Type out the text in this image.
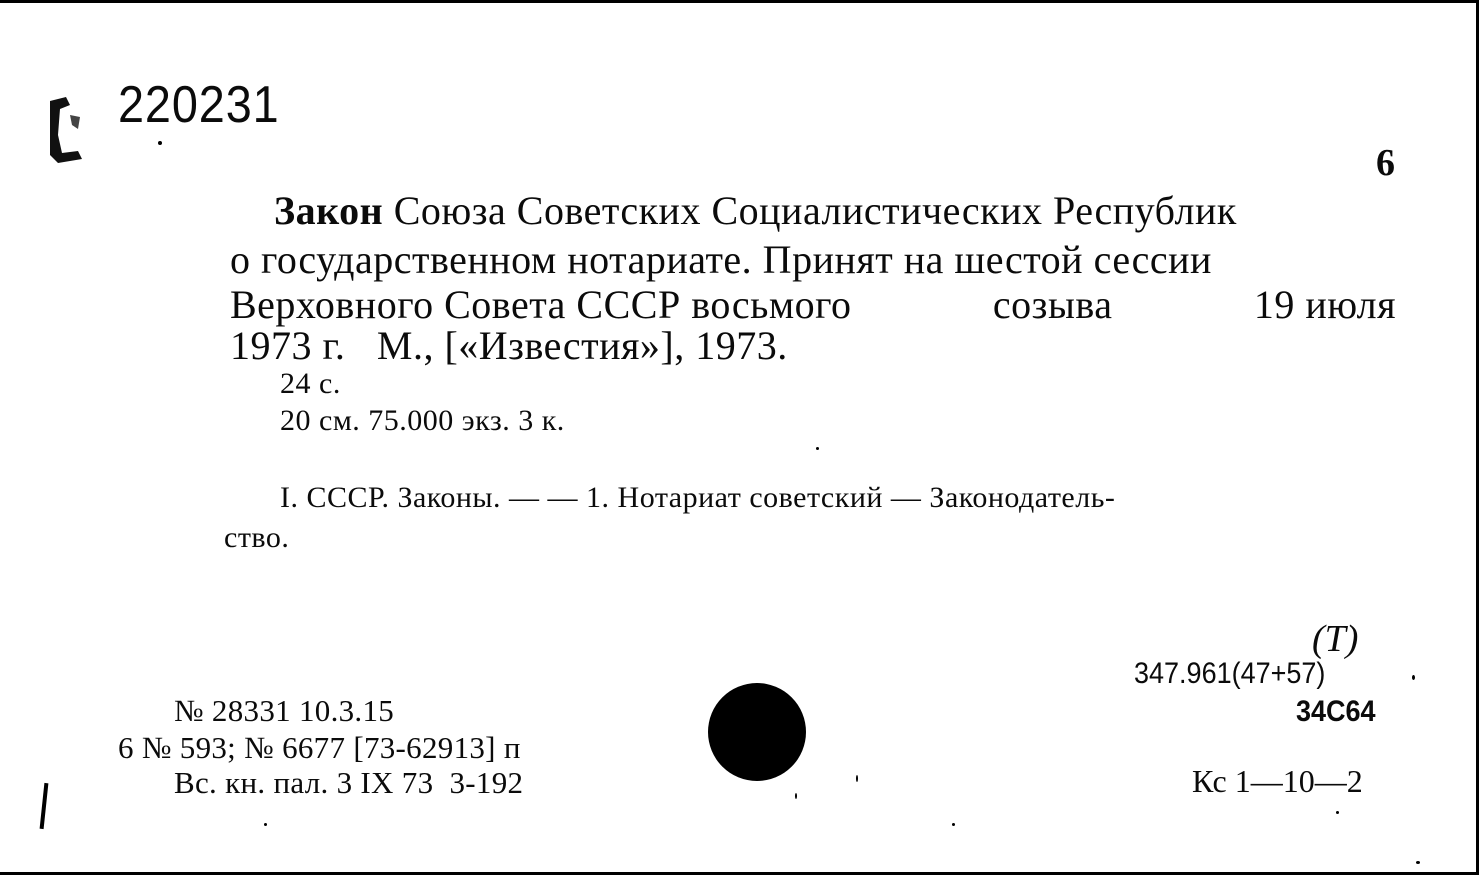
220231
6
Закон Союза Советских Социалистических Республик
о государственном нотариате. Принят на шестой сессии
Верховного Совета СССР восьмого	созыва	19 июля
1973 г.   М., [«Известия»], 1973.
24 с.
20 см. 75.000 экз. 3 к.
I. СССР. Законы. — — 1. Нотариат советский — Законодатель-
ство.
(Т)
347.961(47+57)
34С64
Кс 1—10—2
№ 28331 10.3.15
6 № 593; № 6677 [73-62913] п
Вс. кн. пал. 3 IX 73  3-192
